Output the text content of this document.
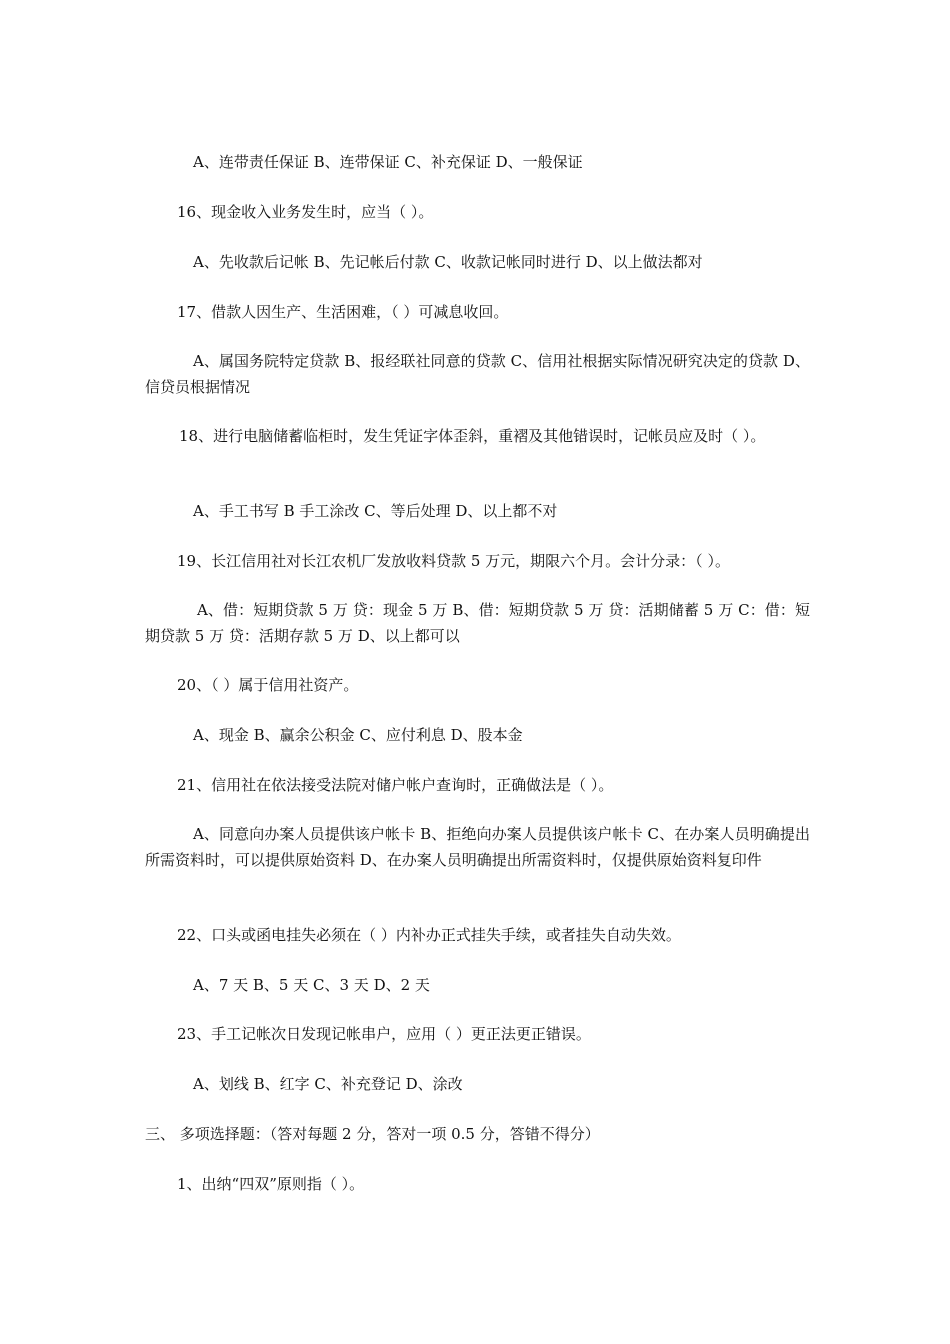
A、连带责任保证 B、连带保证 C、补充保证 D、一般保证
16、现金收入业务发生时，应当（ ）。
A、先收款后记帐 B、先记帐后付款 C、收款记帐同时进行 D、以上做法都对
17、借款人因生产、生活困难，（ ）可减息收回。
A、属国务院特定贷款 B、报经联社同意的贷款 C、信用社根据实际情况研究决定的贷款 D、信贷员根据情况
18、进行电脑储蓄临柜时，发生凭证字体歪斜，重褶及其他错误时，记帐员应及时（ ）。
A、手工书写 B 手工涂改 C、等后处理 D、以上都不对
19、长江信用社对长江农机厂发放收料贷款 5 万元，期限六个月。会计分录：（ ）。
A、借：短期贷款 5 万 贷：现金 5 万 B、借：短期贷款 5 万 贷：活期储蓄 5 万 C：借：短期贷款 5 万 贷：活期存款 5 万 D、以上都可以
20、（ ）属于信用社资产。
A、现金 B、赢余公积金 C、应付利息 D、股本金
21、信用社在依法接受法院对储户帐户查询时，正确做法是（ ）。
A、同意向办案人员提供该户帐卡 B、拒绝向办案人员提供该户帐卡 C、在办案人员明确提出所需资料时，可以提供原始资料 D、在办案人员明确提出所需资料时，仅提供原始资料复印件
22、口头或函电挂失必须在（ ）内补办正式挂失手续，或者挂失自动失效。
A、7 天 B、5 天 C、3 天 D、2 天
23、手工记帐次日发现记帐串户，应用（ ）更正法更正错误。
A、划线 B、红字 C、补充登记 D、涂改
三、 多项选择题：（答对每题 2 分，答对一项 0.5 分，答错不得分）
1、出纳“四双”原则指（ ）。
